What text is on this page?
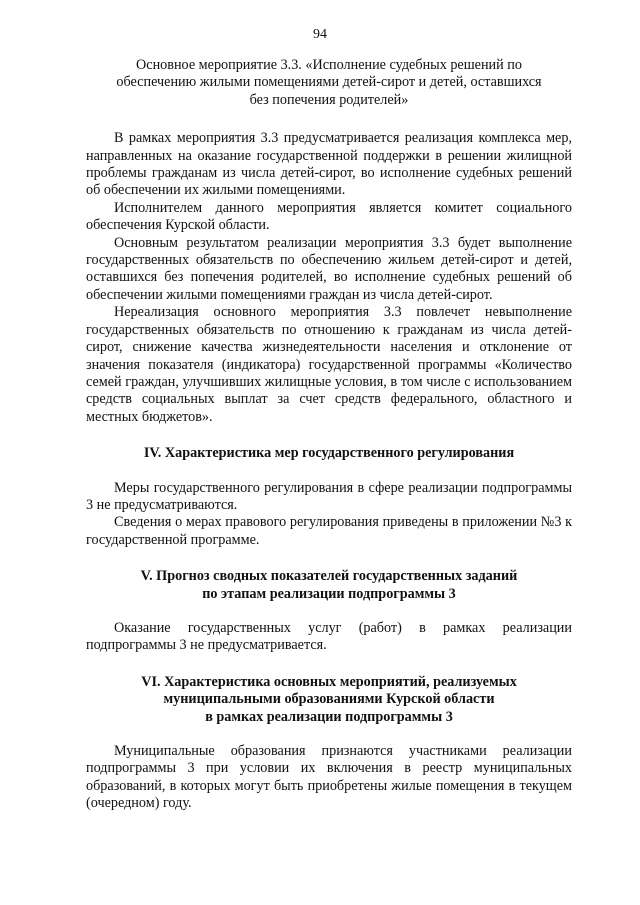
94
Основное мероприятие 3.3. «Исполнение судебных решений по обеспечению жилыми помещениями детей-сирот и детей, оставшихся без попечения родителей»

В рамках мероприятия 3.3 предусматривается реализация комплекса мер, направленных на оказание государственной поддержки в решении жилищной проблемы гражданам из числа детей-сирот, во исполнение судебных решений об обеспечении их жилыми помещениями.

Исполнителем данного мероприятия является комитет социального обеспечения Курской области.

Основным результатом реализации мероприятия 3.3 будет выполнение государственных обязательств по обеспечению жильем детей-сирот и детей, оставшихся без попечения родителей, во исполнение судебных решений об обеспечении жилыми помещениями граждан из числа детей-сирот.

Нереализация основного мероприятия 3.3 повлечет невыполнение государственных обязательств по отношению к гражданам из числа детей-сирот, снижение качества жизнедеятельности населения и отклонение от значения показателя (индикатора) государственной программы «Количество семей граждан, улучшивших жилищные условия, в том числе с использованием средств социальных выплат за счет средств федерального, областного и местных бюджетов».

IV. Характеристика мер государственного регулирования

Меры государственного регулирования в сфере реализации подпрограммы 3 не предусматриваются.

Сведения о мерах правового регулирования приведены в приложении №3 к государственной программе.

V. Прогноз сводных показателей государственных заданий
по этапам реализации подпрограммы 3

Оказание государственных услуг (работ) в рамках реализации подпрограммы 3 не предусматривается.

VI. Характеристика основных мероприятий, реализуемых
муниципальными образованиями Курской области
в рамках реализации подпрограммы 3

Муниципальные образования признаются участниками реализации подпрограммы 3 при условии их включения в реестр муниципальных образований, в которых могут быть приобретены жилые помещения в текущем (очередном) году.
